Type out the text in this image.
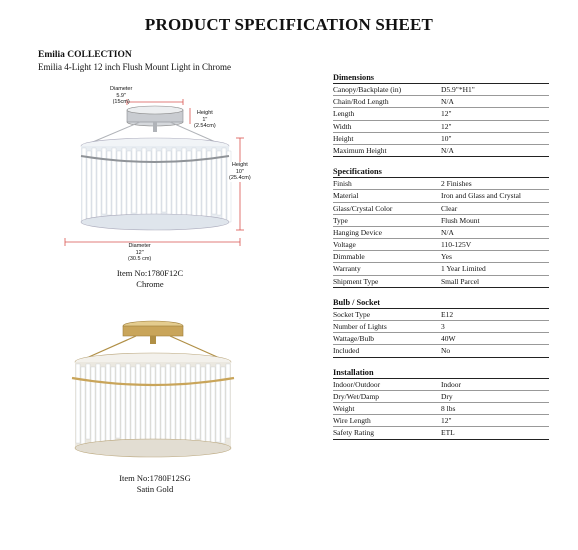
PRODUCT SPECIFICATION SHEET
Emilia COLLECTION
Emilia 4-Light 12 inch Flush Mount Light in Chrome
Diameter
5.9"
(15cm)
Height
1"
(2.54cm)
Height
10"
(25.4cm)
Diameter
12"
(30.5 cm)
Item No:1780F12C
Chrome
Item No:1780F12SG
Satin Gold
Dimensions
Canopy/Backplate (in)	D5.9"*H1"
Chain/Rod Length	N/A
Length	12"
Width	12"
Height	10"
Maximum Height	N/A
Specifications
Finish	2 Finishes
Material	Iron and Glass and Crystal
Glass/Crystal Color	Clear
Type	Flush Mount
Hanging Device	N/A
Voltage	110-125V
Dimmable	Yes
Warranty	1 Year Limited
Shipment Type	Small Parcel
Bulb / Socket
Socket Type	E12
Number of Lights	3
Wattage/Bulb	40W
Included	No
Installation
Indoor/Outdoor	Indoor
Dry/Wet/Damp	Dry
Weight	8 lbs
Wire Length	12"
Safety Rating	ETL
